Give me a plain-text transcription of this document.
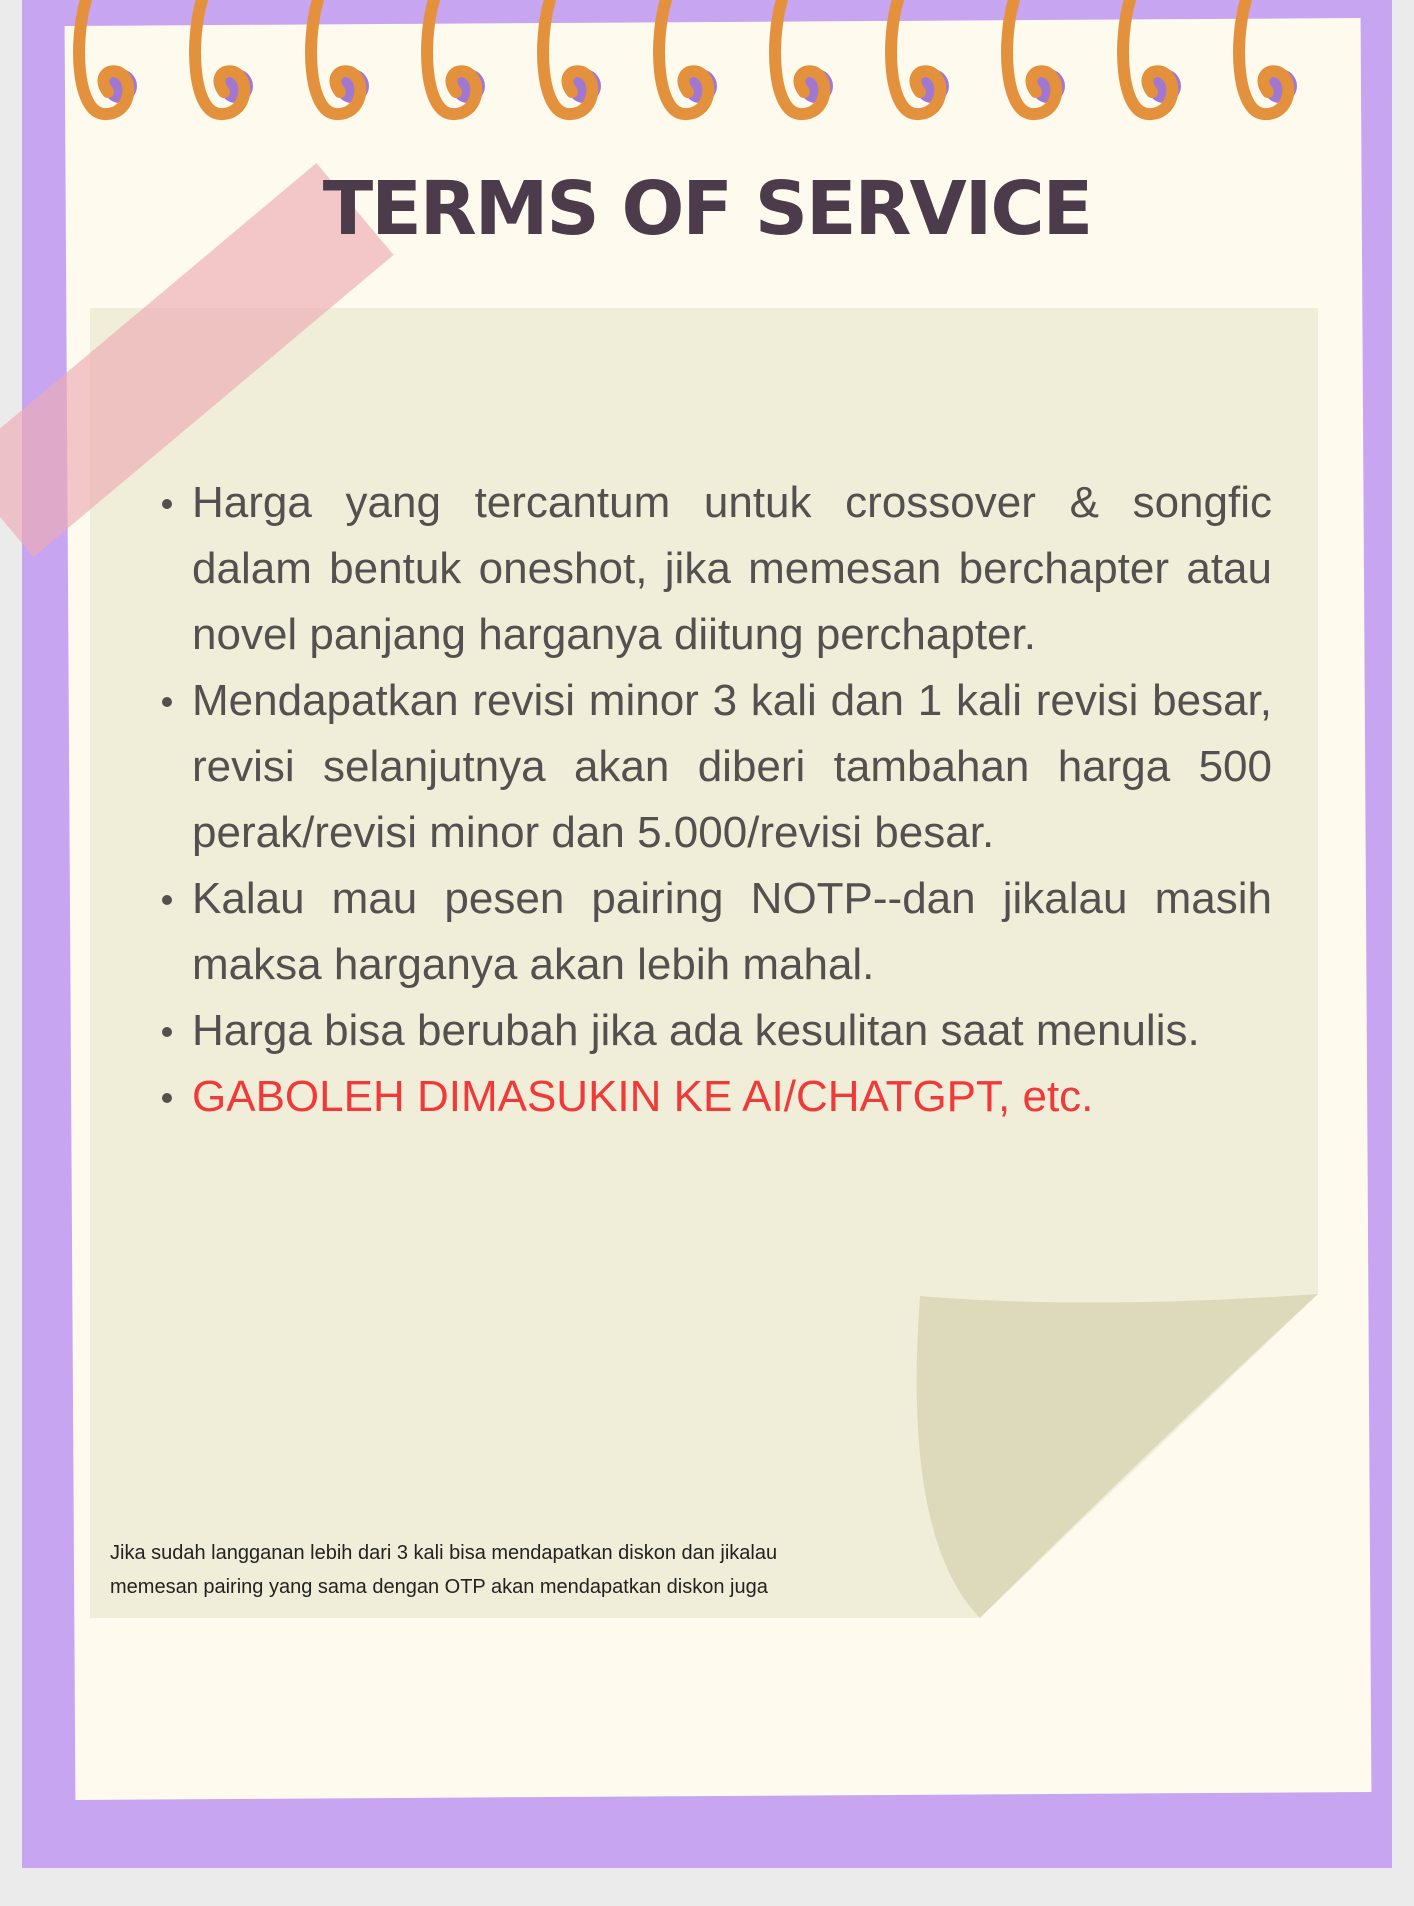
TERMS OF SERVICE
Harga yang tercantum untuk crossover & songfic dalam bentuk oneshot, jika memesan berchapter atau novel panjang harganya diitung perchapter.
Mendapatkan revisi minor 3 kali dan 1 kali revisi besar, revisi selanjutnya akan diberi tambahan harga 500 perak/revisi minor dan 5.000/revisi besar.
Kalau mau pesen pairing NOTP--dan jikalau masih maksa harganya akan lebih mahal.
Harga bisa berubah jika ada kesulitan saat menulis.
GABOLEH DIMASUKIN KE AI/CHATGPT, etc.

Jika sudah langganan lebih dari 3 kali bisa mendapatkan diskon dan jikalau
memesan pairing yang sama dengan OTP akan mendapatkan diskon juga
